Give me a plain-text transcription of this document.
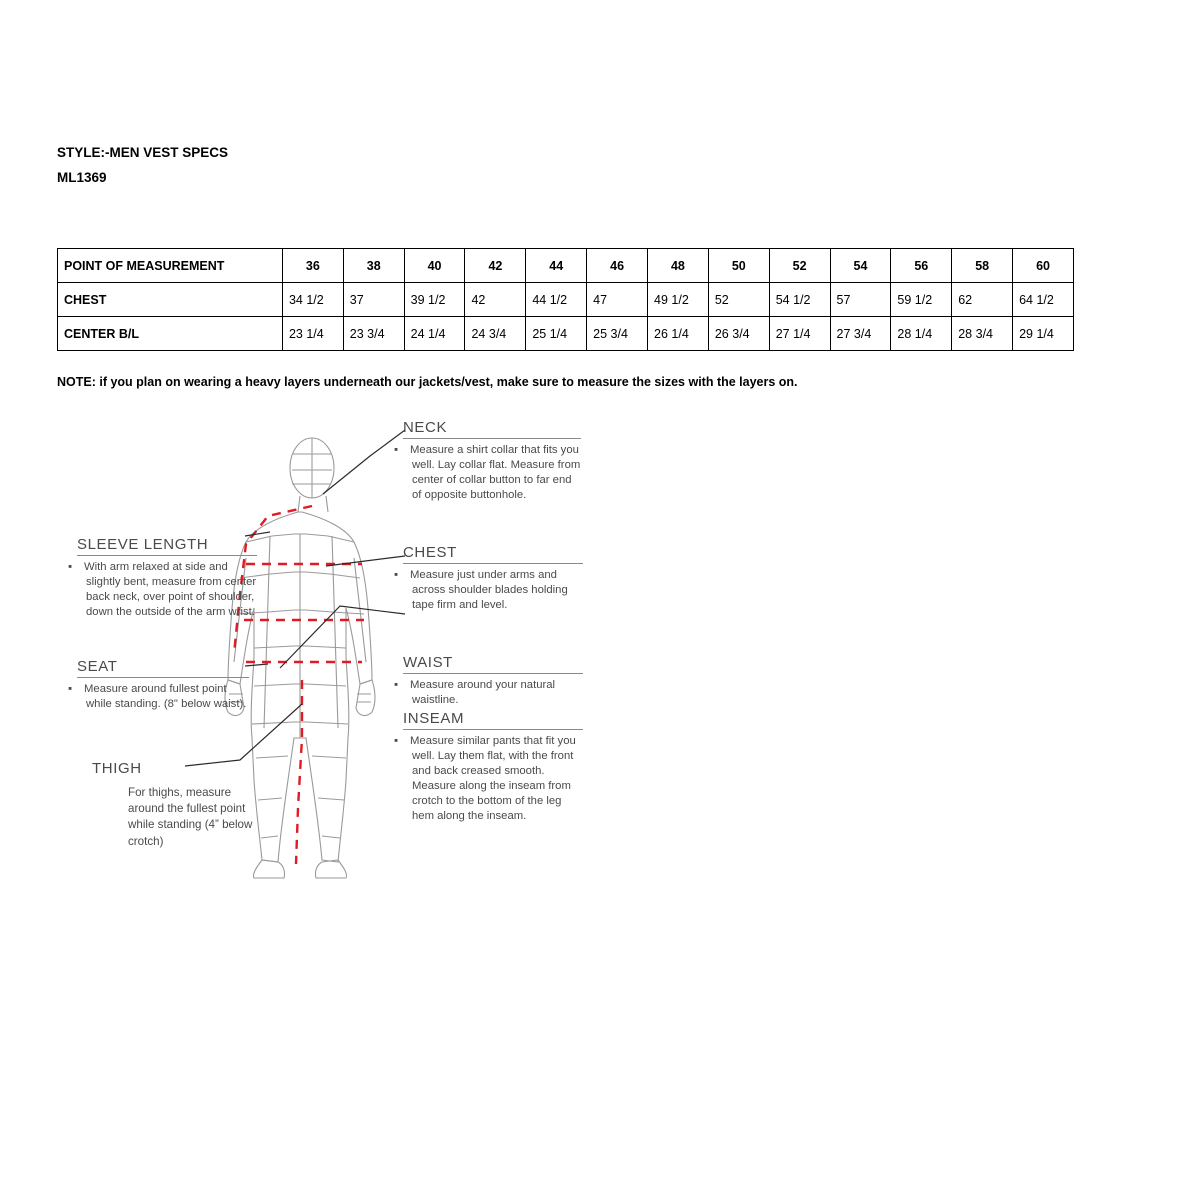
STYLE:-MEN VEST SPECS
ML1369
POINT OF MEASUREMENT	36	38	40	42	44	46	48	50	52	54	56	58	60
CHEST	34 1/2	37	39 1/2	42	44 1/2	47	49 1/2	52	54 1/2	57	59 1/2	62	64 1/2
CENTER B/L	23 1/4	23 3/4	24 1/4	24 3/4	25 1/4	25 3/4	26 1/4	26 3/4	27 1/4	27 3/4	28 1/4	28 3/4	29 1/4
NOTE: if you plan on wearing a heavy layers underneath our jackets/vest, make sure to measure the sizes with the layers on.
NECK
▪ Measure a shirt collar that fits you well. Lay collar flat. Measure from center of collar button to far end of opposite buttonhole.
SLEEVE LENGTH
▪ With arm relaxed at side and slightly bent, measure from center back neck, over point of shoulder, down the outside of the arm wrist.
CHEST
▪ Measure just under arms and across shoulder blades holding tape firm and level.
SEAT
▪ Measure around fullest point while standing. (8" below waist).
WAIST
▪ Measure around your natural waistline.
THIGH
For thighs, measure around the fullest point while standing (4” below crotch)
INSEAM
▪ Measure similar pants that fit you well. Lay them flat, with the front and back creased smooth. Measure along the inseam from crotch to the bottom of the leg hem along the inseam.
